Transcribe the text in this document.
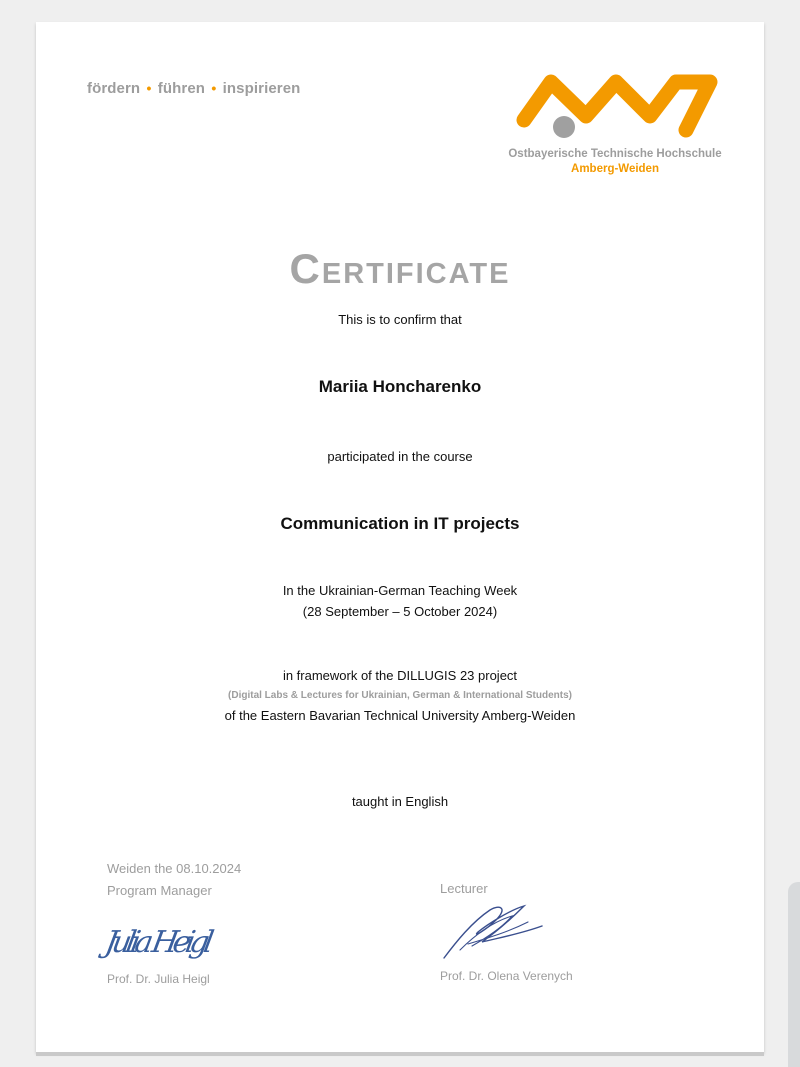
fördern • führen • inspirieren
Ostbayerische Technische Hochschule
Amberg-Weiden
Certificate
This is to confirm that
Mariia Honcharenko
participated in the course
Communication in IT projects
In the Ukrainian-German Teaching Week
(28 September – 5 October 2024)
in framework of the DILLUGIS 23 project
(Digital Labs & Lectures for Ukrainian, German & International Students)
of the Eastern Bavarian Technical University Amberg-Weiden
taught in English
Weiden the 08.10.2024
Program Manager
Julia Heigl
Prof. Dr. Julia Heigl
Lecturer
Prof. Dr. Olena Verenych
